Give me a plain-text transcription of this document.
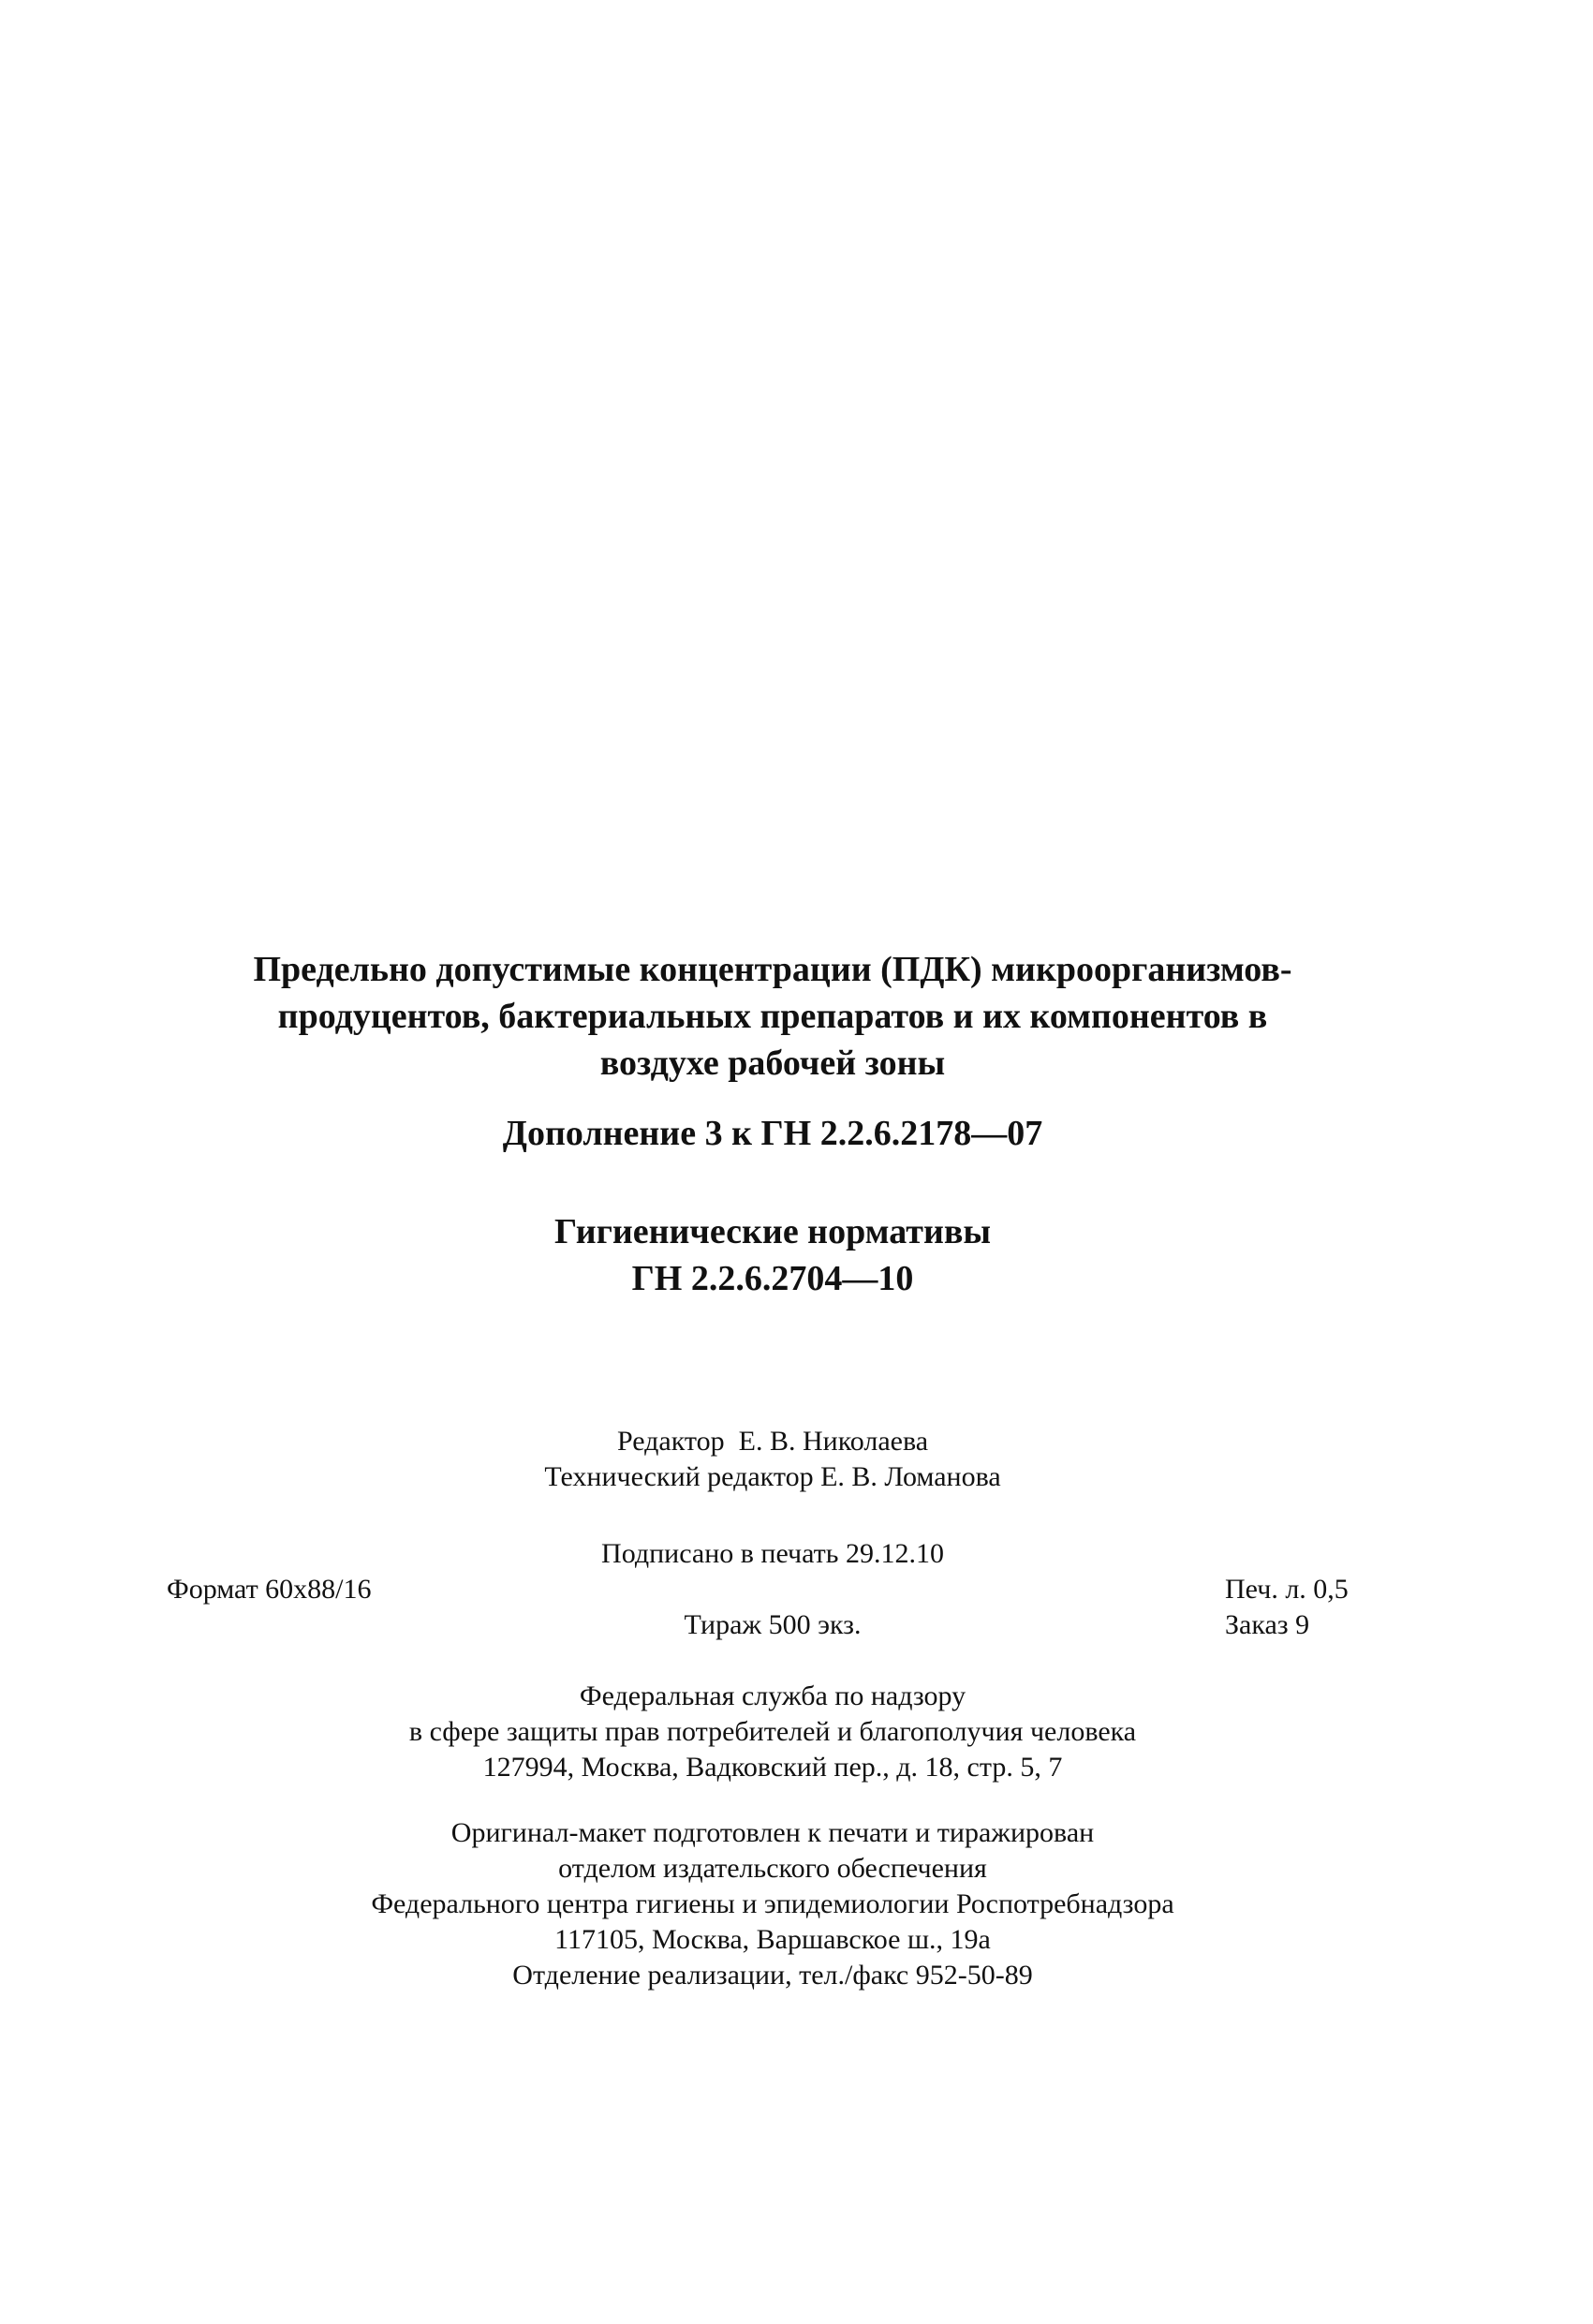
Предельно допустимые концентрации (ПДК) микроорганизмов-
продуцентов, бактериальных препаратов и их компонентов в
воздухе рабочей зоны
Дополнение 3 к ГН 2.2.6.2178—07
Гигиенические нормативы
ГН 2.2.6.2704—10
Редактор  Е. В. Николаева
Технический редактор Е. В. Ломанова
Подписано в печать 29.12.10
Формат 60x88/16	Печ. л. 0,5
Заказ 9
Тираж 500 экз.
Федеральная служба по надзору
в сфере защиты прав потребителей и благополучия человека
127994, Москва, Вадковский пер., д. 18, стр. 5, 7
Оригинал-макет подготовлен к печати и тиражирован
отделом издательского обеспечения
Федерального центра гигиены и эпидемиологии Роспотребнадзора
117105, Москва, Варшавское ш., 19а
Отделение реализации, тел./факс 952-50-89
